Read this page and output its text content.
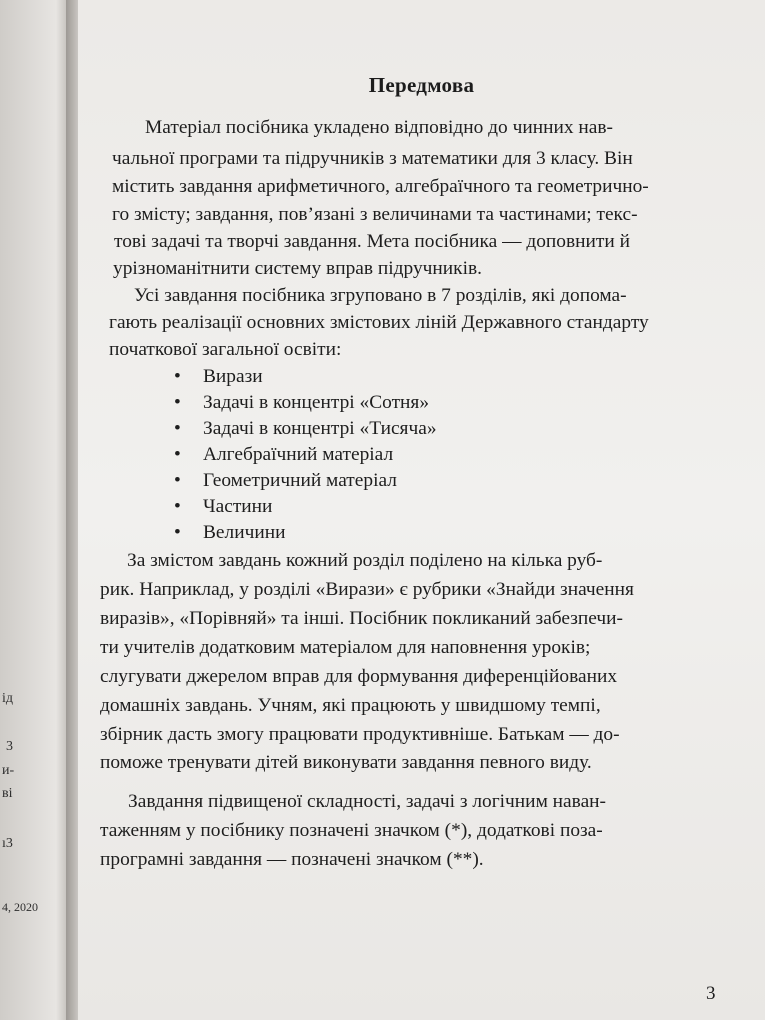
ід
3
и-
ві
ı3
4, 2020
Передмова
Матеріал посібника укладено відповідно до чинних нав-
чальної програми та підручників з математики для 3 класу. Він
містить завдання арифметичного, алгебраїчного та геометрично-
го змісту; завдання, пов’язані з величинами та частинами; текс-
тові задачі та творчі завдання. Мета посібника — доповнити й
урізноманітнити систему вправ підручників.
Усі завдання посібника згруповано в 7 розділів, які допома-
гають реалізації основних змістових ліній Державного стандарту
початкової загальної освіти:
• Вирази
• Задачі в концентрі «Сотня»
• Задачі в концентрі «Тисяча»
• Алгебраїчний матеріал
• Геометричний матеріал
• Частини
• Величини
За змістом завдань кожний розділ поділено на кілька руб-
рик. Наприклад, у розділі «Вирази» є рубрики «Знайди значення
виразів», «Порівняй» та інші. Посібник покликаний забезпечи-
ти учителів додатковим матеріалом для наповнення уроків;
слугувати джерелом вправ для формування диференційованих
домашніх завдань. Учням, які працюють у швидшому темпі,
збірник дасть змогу працювати продуктивніше. Батькам — до-
поможе тренувати дітей виконувати завдання певного виду.
Завдання підвищеної складності, задачі з логічним наван-
таженням у посібнику позначені значком (*), додаткові поза-
програмні завдання — позначені значком (**).
3
